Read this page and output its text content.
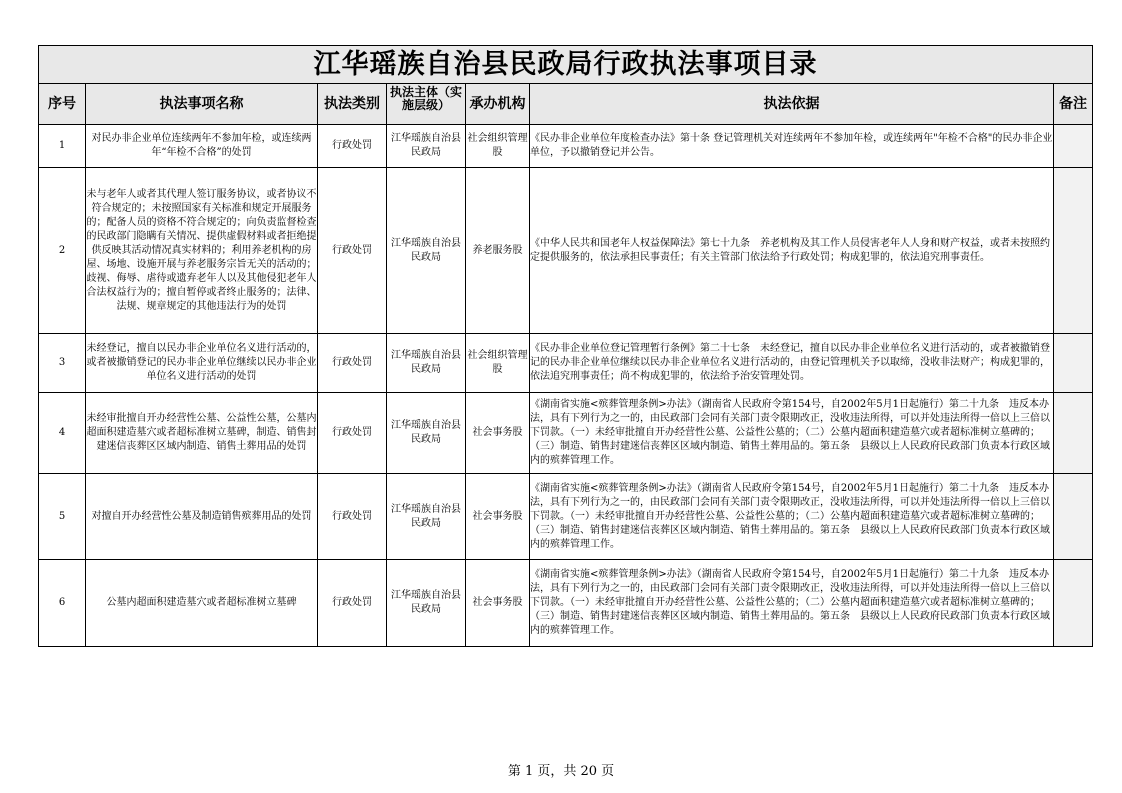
江华瑶族自治县民政局行政执法事项目录						
序号	执法事项名称	执法类别	执法主体（实施层级）	承办机构	执法依据	备注
1	对民办非企业单位连续两年不参加年检，或连续两年“年检不合格”的处罚	行政处罚	江华瑶族自治县民政局	社会组织管理股	《民办非企业单位年度检查办法》第十条 登记管理机关对连续两年不参加年检，或连续两年"年检不合格"的民办非企业单位，予以撤销登记并公告。	
2	未与老年人或者其代理人签订服务协议，或者协议不符合规定的；未按照国家有关标准和规定开展服务的；配备人员的资格不符合规定的；向负责监督检查的民政部门隐瞒有关情况、提供虚假材料或者拒绝提供反映其活动情况真实材料的；利用养老机构的房屋、场地、设施开展与养老服务宗旨无关的活动的；歧视、侮辱、虐待或遗弃老年人以及其他侵犯老年人 合法权益行为的；擅自暂停或者终止服务的；法律、法规、规章规定的其他违法行为的处罚	行政处罚	江华瑶族自治县民政局	养老服务股	《中华人民共和国老年人权益保障法》第七十九条　养老机构及其工作人员侵害老年人人身和财产权益，或者未按照约定提供服务的，依法承担民事责任；有关主管部门依法给予行政处罚；构成犯罪的，依法追究刑事责任。	
3	未经登记，擅自以民办非企业单位名义进行活动的，或者被撤销登记的民办非企业单位继续以民办非企业单位名义进行活动的处罚	行政处罚	江华瑶族自治县民政局	社会组织管理股	《民办非企业单位登记管理暂行条例》第二十七条　未经登记，擅自以民办非企业单位名义进行活动的，或者被撤销登记的民办非企业单位继续以民办非企业单位名义进行活动的，由登记管理机关予以取缔，没收非法财产；构成犯罪的，依法追究刑事责任；尚不构成犯罪的，依法给予治安管理处罚。	
4	未经审批擅自开办经营性公墓、公益性公墓，公墓内超面积建造墓穴或者超标准树立墓碑，制造、销售封建迷信丧葬区区域内制造、销售土葬用品的处罚	行政处罚	江华瑶族自治县民政局	社会事务股	《湖南省实施<殡葬管理条例>办法》（湖南省人民政府令第154号，自2002年5月1日起施行）第二十九条　违反本办法，具有下列行为之一的，由民政部门会同有关部门责令限期改正，没收违法所得，可以并处违法所得一倍以上三倍以下罚款。（一）未经审批擅自开办经营性公墓、公益性公墓的；（二）公墓内超面积建造墓穴或者超标准树立墓碑的；（三）制造、销售封建迷信丧葬区区域内制造、销售土葬用品的。第五条　县级以上人民政府民政部门负责本行政区域内的殡葬管理工作。	
5	对擅自开办经营性公墓及制造销售殡葬用品的处罚	行政处罚	江华瑶族自治县民政局	社会事务股	《湖南省实施<殡葬管理条例>办法》（湖南省人民政府令第154号，自2002年5月1日起施行）第二十九条　违反本办法，具有下列行为之一的，由民政部门会同有关部门责令限期改正，没收违法所得，可以并处违法所得一倍以上三倍以下罚款。（一）未经审批擅自开办经营性公墓、公益性公墓的；（二）公墓内超面积建造墓穴或者超标准树立墓碑的；（三）制造、销售封建迷信丧葬区区域内制造、销售土葬用品的。第五条　县级以上人民政府民政部门负责本行政区域内的殡葬管理工作。	
6	公墓内超面积建造墓穴或者超标准树立墓碑	行政处罚	江华瑶族自治县民政局	社会事务股	《湖南省实施<殡葬管理条例>办法》（湖南省人民政府令第154号，自2002年5月1日起施行）第二十九条　违反本办法，具有下列行为之一的，由民政部门会同有关部门责令限期改正，没收违法所得，可以并处违法所得一倍以上三倍以下罚款。（一）未经审批擅自开办经营性公墓、公益性公墓的；（二）公墓内超面积建造墓穴或者超标准树立墓碑的；（三）制造、销售封建迷信丧葬区区域内制造、销售土葬用品的。第五条　县级以上人民政府民政部门负责本行政区域内的殡葬管理工作。	
第 1 页，共 20 页
